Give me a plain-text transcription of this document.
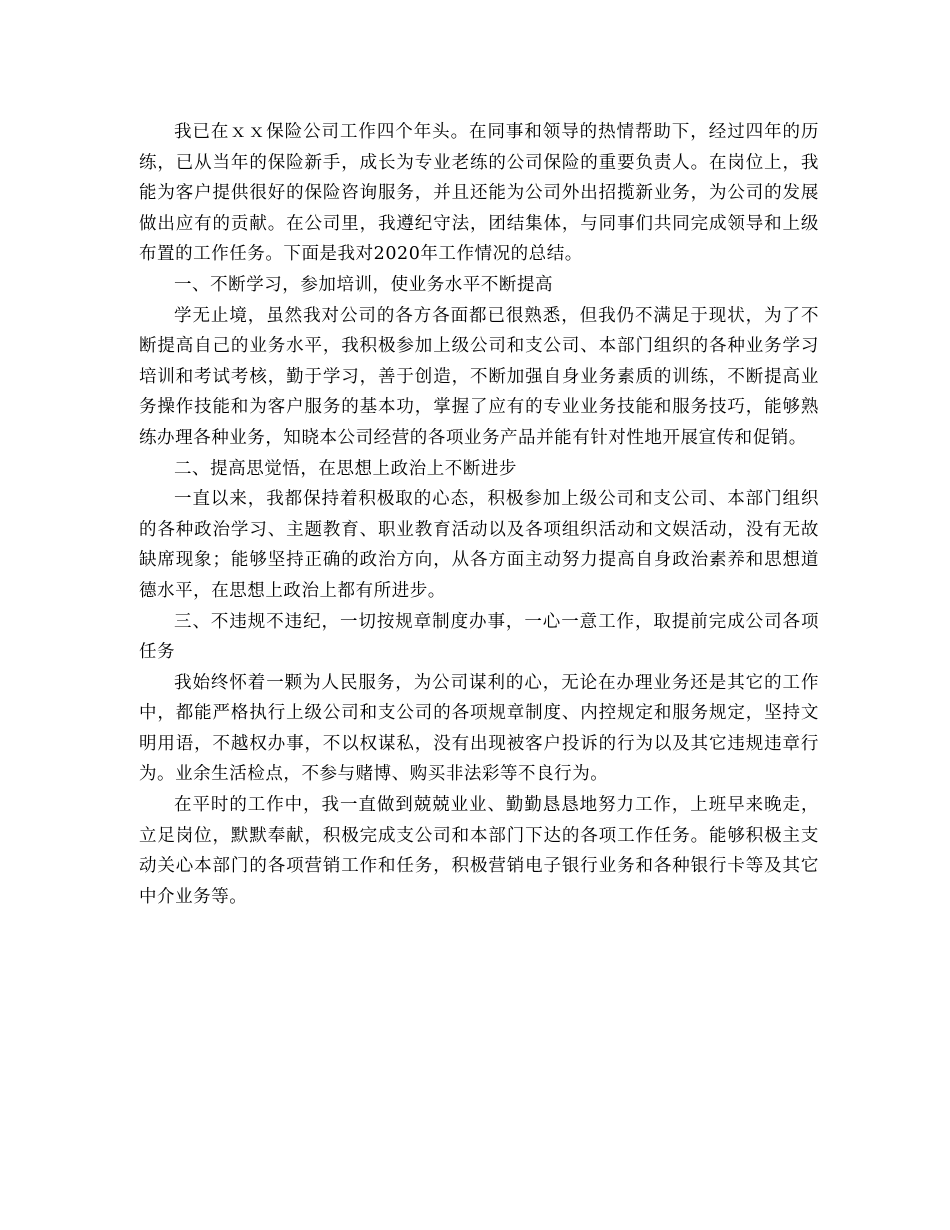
我已在ｘｘ保险公司工作四个年头。在同事和领导的热情帮助下，经过四年的历练，已从当年的保险新手，成长为专业老练的公司保险的重要负责人。在岗位上，我能为客户提供很好的保险咨询服务，并且还能为公司外出招揽新业务，为公司的发展做出应有的贡献。在公司里，我遵纪守法，团结集体，与同事们共同完成领导和上级布置的工作任务。下面是我对2020年工作情况的总结。

一、不断学习，参加培训，使业务水平不断提高

学无止境，虽然我对公司的各方各面都已很熟悉，但我仍不满足于现状，为了不断提高自己的业务水平，我积极参加上级公司和支公司、本部门组织的各种业务学习培训和考试考核，勤于学习，善于创造，不断加强自身业务素质的训练，不断提高业务操作技能和为客户服务的基本功，掌握了应有的专业业务技能和服务技巧，能够熟练办理各种业务，知晓本公司经营的各项业务产品并能有针对性地开展宣传和促销。

二、提高思觉悟，在思想上政治上不断进步

一直以来，我都保持着积极取的心态，积极参加上级公司和支公司、本部门组织的各种政治学习、主题教育、职业教育活动以及各项组织活动和文娱活动，没有无故缺席现象；能够坚持正确的政治方向，从各方面主动努力提高自身政治素养和思想道德水平，在思想上政治上都有所进步。

三、不违规不违纪，一切按规章制度办事，一心一意工作，取提前完成公司各项任务

我始终怀着一颗为人民服务，为公司谋利的心，无论在办理业务还是其它的工作中，都能严格执行上级公司和支公司的各项规章制度、内控规定和服务规定，坚持文明用语，不越权办事，不以权谋私，没有出现被客户投诉的行为以及其它违规违章行为。业余生活检点，不参与赌博、购买非法彩等不良行为。

在平时的工作中，我一直做到兢兢业业、勤勤恳恳地努力工作，上班早来晚走，立足岗位，默默奉献，积极完成支公司和本部门下达的各项工作任务。能够积极主支动关心本部门的各项营销工作和任务，积极营销电子银行业务和各种银行卡等及其它中介业务等。
